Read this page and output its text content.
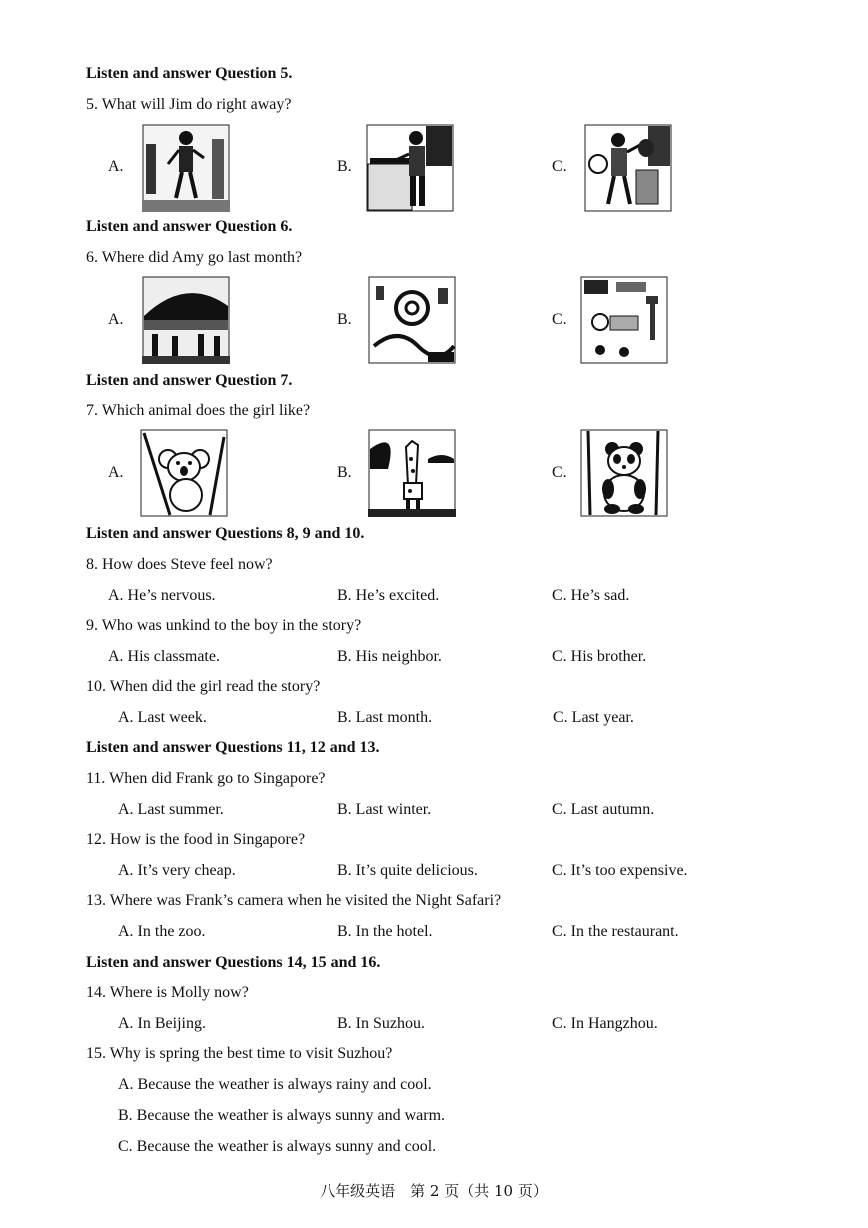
Listen and answer Question 5.
5. What will Jim do right away?
A.	B.	C.
Listen and answer Question 6.
6. Where did Amy go last month?
A.	B.	C.
Listen and answer Question 7.
7. Which animal does the girl like?
A.	B.	C.
Listen and answer Questions 8, 9 and 10.
8. How does Steve feel now?
A. He’s nervous.	B. He’s excited.	C. He’s sad.
9. Who was unkind to the boy in the story?
A. His classmate.	B. His neighbor.	C. His brother.
10. When did the girl read the story?
A. Last week.	B. Last month.	C. Last year.
Listen and answer Questions 11, 12 and 13.
11. When did Frank go to Singapore?
A. Last summer.	B. Last winter.	C. Last autumn.
12. How is the food in Singapore?
A. It’s very cheap.	B. It’s quite delicious.	C. It’s too expensive.
13. Where was Frank’s camera when he visited the Night Safari?
A. In the zoo.	B. In the hotel.	C. In the restaurant.
Listen and answer Questions 14, 15 and 16.
14. Where is Molly now?
A. In Beijing.	B. In Suzhou.	C. In Hangzhou.
15. Why is spring the best time to visit Suzhou?
A. Because the weather is always rainy and cool.
B. Because the weather is always sunny and warm.
C. Because the weather is always sunny and cool.
八年级英语　第 2 页（共 10 页）
